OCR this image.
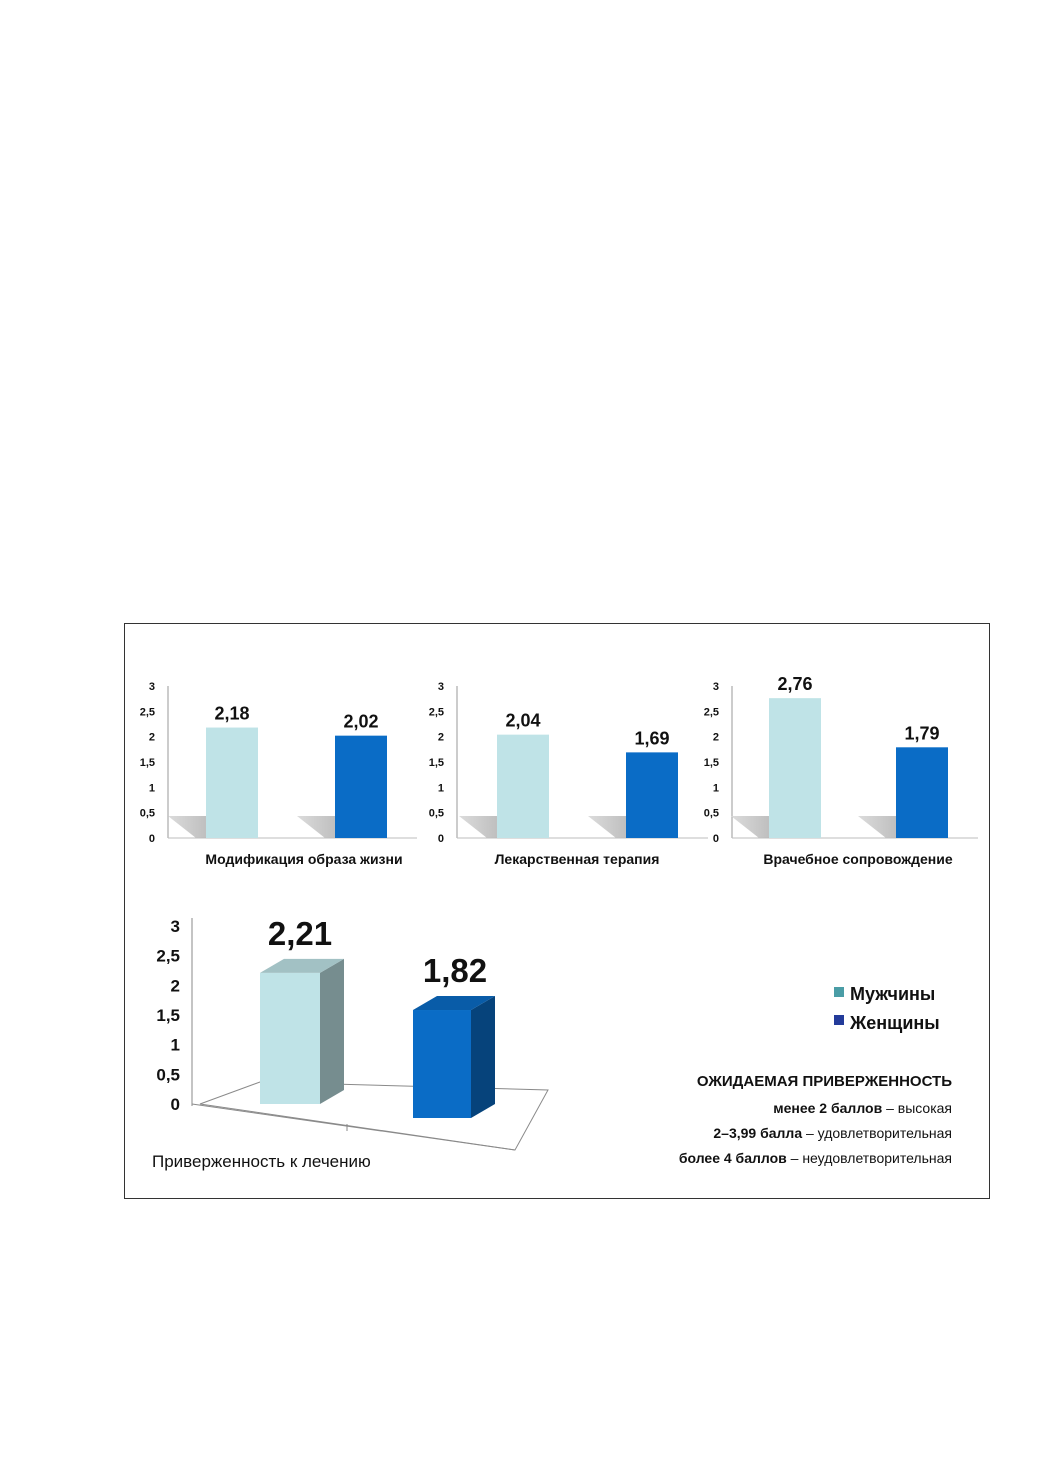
0
0,5
1
1,5
2
2,5
3
2,18	2,02
Модификация образа жизни
0
0,5
1
1,5
2
2,5
3
2,04
1,69
Лекарственная терапия
0
0,5
1
1,5
2
2,5
3	2,76
1,79
Врачебное сопровождение
0
0,5
1
1,5
2
2,5
3	2,21
1,82
Приверженность к лечению
Мужчины
Женщины
ОЖИДАЕМАЯ ПРИВЕРЖЕННОСТЬ
менее 2 баллов – высокая
2–3,99 балла – удовлетворительная
более 4 баллов – неудовлетворительная
